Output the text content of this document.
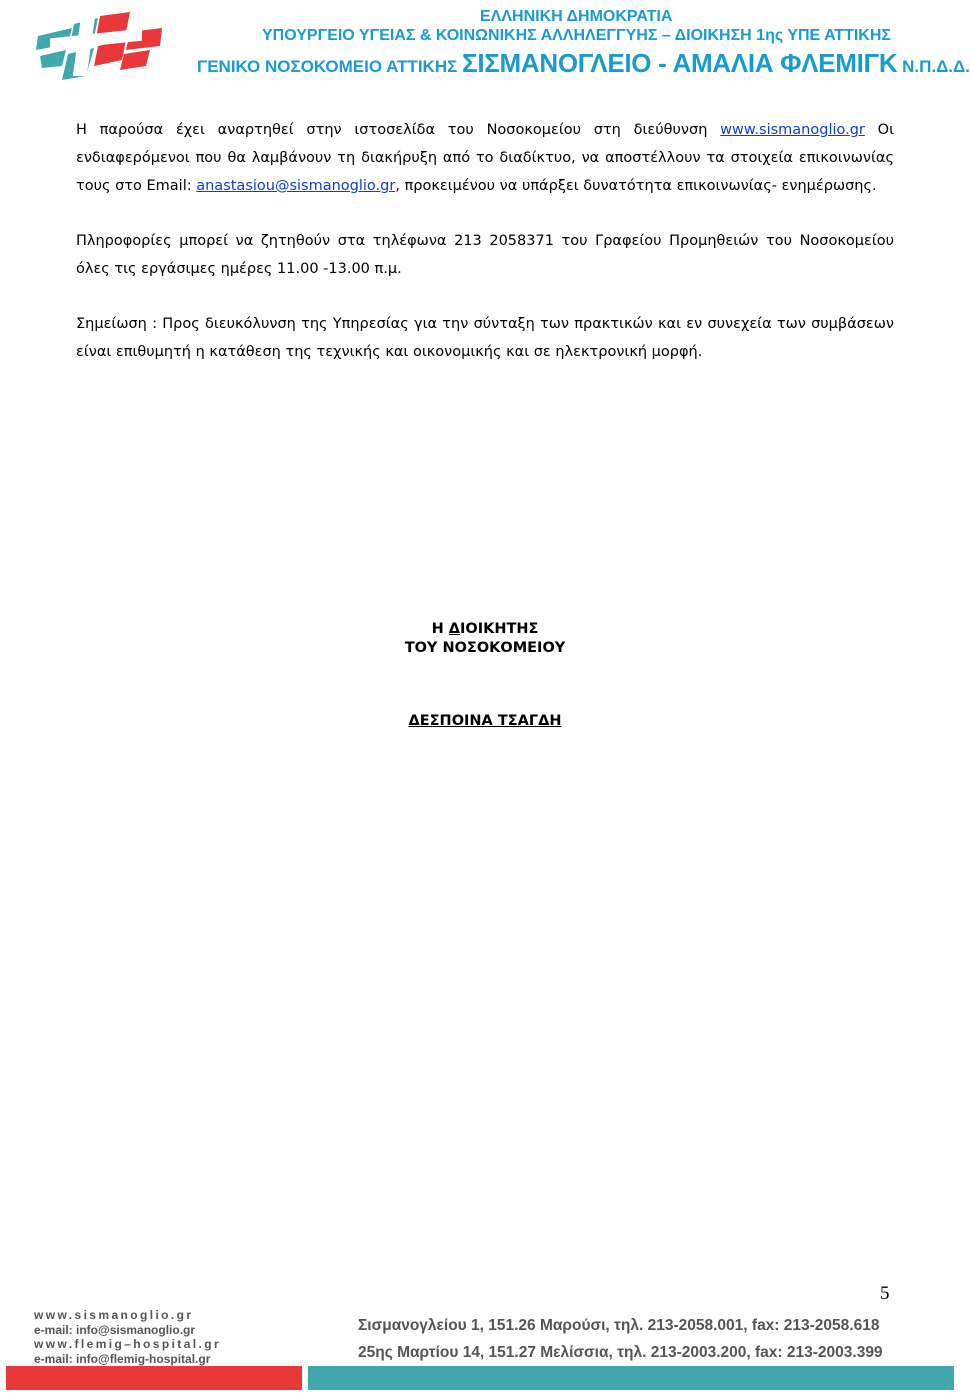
ΕΛΛΗΝΙΚΗ ΔΗΜΟΚΡΑΤΙΑ
ΥΠΟΥΡΓΕΙΟ ΥΓΕΙΑΣ & ΚΟΙΝΩΝΙΚΗΣ ΑΛΛΗΛΕΓΓΥΗΣ – ΔΙΟΙΚΗΣΗ 1ης ΥΠΕ ΑΤΤΙΚΗΣ
ΓΕΝΙΚΟ ΝΟΣΟΚΟΜΕΙΟ ΑΤΤΙΚΗΣ ΣΙΣΜΑΝΟΓΛΕΙΟ - ΑΜΑΛΙΑ ΦΛΕΜΙΓΚ Ν.Π.Δ.Δ.

Η παρούσα έχει αναρτηθεί στην ιστοσελίδα του Νοσοκομείου στη διεύθυνση www.sismanoglio.gr Οι ενδιαφερόμενοι που θα λαμβάνουν τη διακήρυξη από το διαδίκτυο, να αποστέλλουν τα στοιχεία επικοινωνίας τους στο Email: anastasiou@sismanoglio.gr, προκειμένου να υπάρξει δυνατότητα επικοινωνίας- ενημέρωσης.

Πληροφορίες μπορεί να ζητηθούν στα τηλέφωνα 213 2058371 του Γραφείου Προμηθειών του Νοσοκομείου όλες τις εργάσιμες ημέρες 11.00 -13.00 π.μ.

Σημείωση : Προς διευκόλυνση της Υπηρεσίας για την σύνταξη των πρακτικών και εν συνεχεία των συμβάσεων είναι επιθυμητή η κατάθεση της τεχνικής και οικονομικής και σε ηλεκτρονική μορφή.

Η ΔΙΟΙΚΗΤΗΣ
ΤΟΥ ΝΟΣΟΚΟΜΕΙΟΥ
ΔΕΣΠΟΙΝΑ ΤΣΑΓΔΗ
5
www.sismanoglio.gr
e-mail: info@sismanoglio.gr
www.flemig–hospital.gr
e-mail: info@flemig-hospital.gr
Σισμανογλείου 1, 151.26 Μαρούσι, τηλ. 213-2058.001, fax: 213-2058.618
25ης Μαρτίου 14, 151.27 Μελίσσια, τηλ. 213-2003.200, fax: 213-2003.399
